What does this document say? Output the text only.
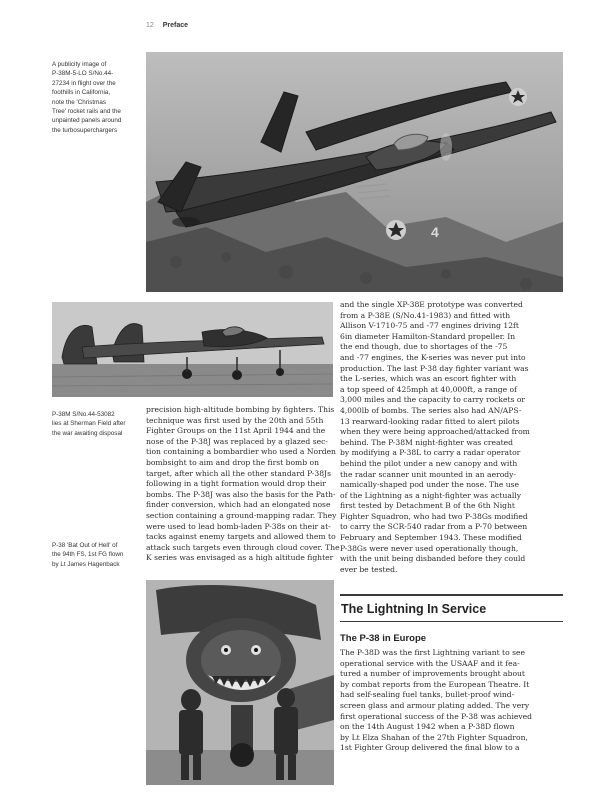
12 Preface
A publicity image of
P-38M-5-LO S/No.44-
27234 in flight over the
foothills in California,
note the 'Christmas
Tree' rocket rails and the
unpainted panels around
the turbosuperchargers
4
P-38M S/No.44-53082
lies at Sherman Field after
the war awaiting disposal
P-38 'Bat Out of Hell' of
the 94th FS, 1st FG flown
by Lt James Hagenback
precision high-altitude bombing by fighters. This
technique was first used by the 20th and 55th
Fighter Groups on the 11st April 1944 and the
nose of the P-38J was replaced by a glazed sec-
tion containing a bombardier who used a Norden
bombsight to aim and drop the first bomb on
target, after which all the other standard P-38Js
following in a tight formation would drop their
bombs. The P-38J was also the basis for the Path-
finder conversion, which had an elongated nose
section containing a ground-mapping radar. They
were used to lead bomb-laden P-38s on their at-
tacks against enemy targets and allowed them to
attack such targets even through cloud cover. The
K series was envisaged as a high altitude fighter
and the single XP-38E prototype was converted
from a P-38E (S/No.41-1983) and fitted with
Allison V-1710-75 and -77 engines driving 12ft
6in diameter Hamilton-Standard propeller. In
the end though, due to shortages of the -75
and -77 engines, the K-series was never put into
production. The last P-38 day fighter variant was
the L-series, which was an escort fighter with
a top speed of 425mph at 40,000ft, a range of
3,000 miles and the capacity to carry rockets or
4,000lb of bombs. The series also had AN/APS-
13 rearward-looking radar fitted to alert pilots
when they were being approached/attacked from
behind. The P-38M night-fighter was created
by modifying a P-38L to carry a radar operator
behind the pilot under a new canopy and with
the radar scanner unit mounted in an aerody-
namically-shaped pod under the nose. The use
of the Lightning as a night-fighter was actually
first tested by Detachment B of the 6th Night
Fighter Squadron, who had two P-38Gs modified
to carry the SCR-540 radar from a P-70 between
February and September 1943. These modified
P-38Gs were never used operationally though,
with the unit being disbanded before they could
ever be tested.
The Lightning In Service
The P-38 in Europe
The P-38D was the first Lightning variant to see
operational service with the USAAF and it fea-
tured a number of improvements brought about
by combat reports from the European Theatre. It
had self-sealing fuel tanks, bullet-proof wind-
screen glass and armour plating added. The very
first operational success of the P-38 was achieved
on the 14th August 1942 when a P-38D flown
by Lt Elza Shahan of the 27th Fighter Squadron,
1st Fighter Group delivered the final blow to a
